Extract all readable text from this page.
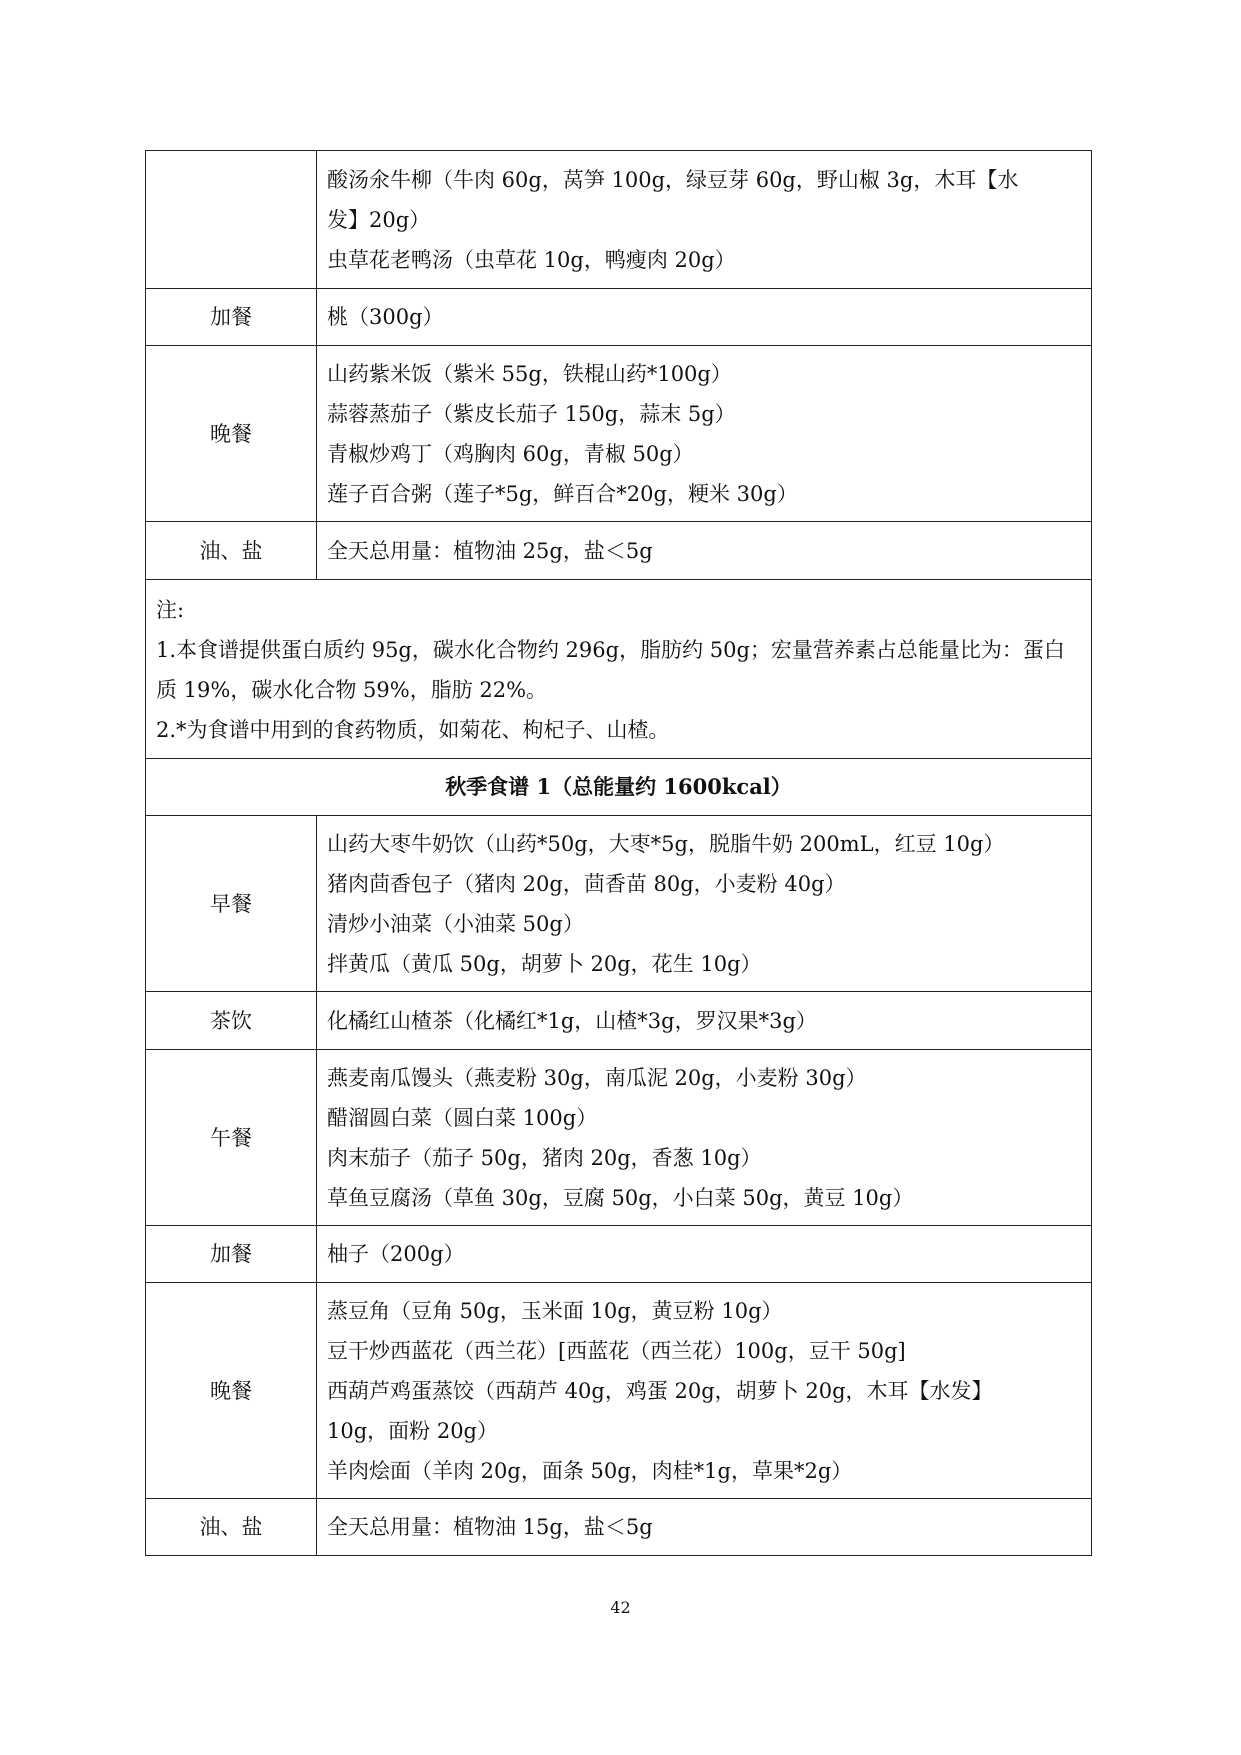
	酸汤氽牛柳（牛肉 60g，莴笋 100g，绿豆芽 60g，野山椒 3g，木耳【水
发】20g）
虫草花老鸭汤（虫草花 10g，鸭瘦肉 20g）

加餐	桃（300g）

晚餐	山药紫米饭（紫米 55g，铁棍山药*100g）
蒜蓉蒸茄子（紫皮长茄子 150g，蒜末 5g）
青椒炒鸡丁（鸡胸肉 60g，青椒 50g）
莲子百合粥（莲子*5g，鲜百合*20g，粳米 30g）

油、盐	全天总用量：植物油 25g，盐＜5g

注:
1.本食谱提供蛋白质约 95g，碳水化合物约 296g，脂肪约 50g；宏量营养素占总能量比为：蛋白质 19%，碳水化合物 59%，脂肪 22%。
2.*为食谱中用到的食药物质，如菊花、枸杞子、山楂。	

秋季食谱 1（总能量约 1600kcal）	
早餐	山药大枣牛奶饮（山药*50g，大枣*5g，脱脂牛奶 200mL，红豆 10g）
猪肉茴香包子（猪肉 20g，茴香苗 80g，小麦粉 40g）
清炒小油菜（小油菜 50g）
拌黄瓜（黄瓜 50g，胡萝卜 20g，花生 10g）

茶饮	化橘红山楂茶（化橘红*1g，山楂*3g，罗汉果*3g）

午餐	燕麦南瓜馒头（燕麦粉 30g，南瓜泥 20g，小麦粉 30g）
醋溜圆白菜（圆白菜 100g）
肉末茄子（茄子 50g，猪肉 20g，香葱 10g）
草鱼豆腐汤（草鱼 30g，豆腐 50g，小白菜 50g，黄豆 10g）

加餐	柚子（200g）

晚餐	蒸豆角（豆角 50g，玉米面 10g，黄豆粉 10g）
豆干炒西蓝花（西兰花）[西蓝花（西兰花）100g，豆干 50g]
西葫芦鸡蛋蒸饺（西葫芦 40g，鸡蛋 20g，胡萝卜 20g，木耳【水发】
10g，面粉 20g）
羊肉烩面（羊肉 20g，面条 50g，肉桂*1g，草果*2g）

油、盐	全天总用量：植物油 15g，盐＜5g
42
